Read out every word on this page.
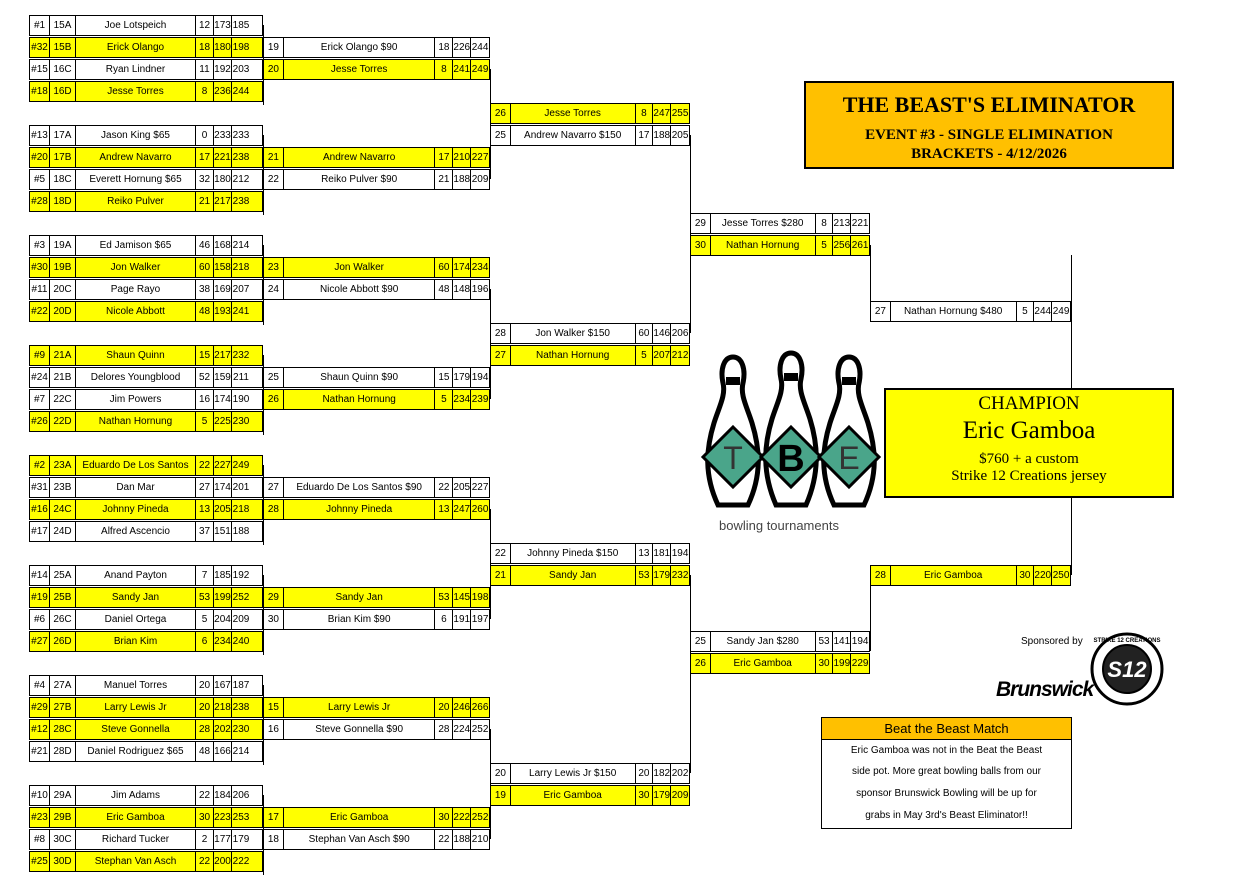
#1 15A	Joe Lotspeich	12 173 185
#32 15B	Erick Olango	18 180 198
#15 16C	Ryan Lindner	11 192 203
#18 16D	Jesse Torres	8 236 244
#13 17A	Jason King $65	0 233 233
#20 17B	Andrew Navarro	17 221 238
#5 18C	Everett Hornung $65	32 180 212
#28 18D	Reiko Pulver	21 217 238
#3 19A	Ed Jamison $65	46 168 214
#30 19B	Jon Walker	60 158 218
#11 20C	Page Rayo	38 169 207
#22 20D	Nicole Abbott	48 193 241
#9 21A	Shaun Quinn	15 217 232
#24 21B	Delores Youngblood	52 159 211
#7 22C	Jim Powers	16 174 190
#26 22D	Nathan Hornung	5 225 230
#2 23A	Eduardo De Los Santos	22 227 249
#31 23B	Dan Mar	27 174 201
#16 24C	Johnny Pineda	13 205 218
#17 24D	Alfred Ascencio	37 151 188
#14 25A	Anand Payton	7 185 192
#19 25B	Sandy Jan	53 199 252
#6 26C	Daniel Ortega	5 204 209
#27 26D	Brian Kim	6 234 240
#4 27A	Manuel Torres	20 167 187
#29 27B	Larry Lewis Jr	20 218 238
#12 28C	Steve Gonnella	28 202 230
#21 28D	Daniel Rodriguez $65	48 166 214
#10 29A	Jim Adams	22 184 206
#23 29B	Eric Gamboa	30 223 253
#8 30C	Richard Tucker	2 177 179
#25 30D	Stephan Van Asch	22 200 222
19	Erick Olango $90	18 226 244
20	Jesse Torres	8 241 249
21	Andrew Navarro	17 210 227
22	Reiko Pulver $90	21 188 209
23	Jon Walker	60 174 234
24	Nicole Abbott $90	48 148 196
25	Shaun Quinn $90	15 179 194
26	Nathan Hornung	5 234 239
27	Eduardo De Los Santos $90	22 205 227
28	Johnny Pineda	13 247 260
29	Sandy Jan	53 145 198
30	Brian Kim $90	6 191 197
15	Larry Lewis Jr	20 246 266
16	Steve Gonnella $90	28 224 252
17	Eric Gamboa	30 222 252
18	Stephan Van Asch $90	22 188 210
26	Jesse Torres	8 247 255
25	Andrew Navarro $150	17 188 205
28	Jon Walker $150	60 146 206
27	Nathan Hornung	5 207 212
22	Johnny Pineda $150	13 181 194
21	Sandy Jan	53 179 232
20	Larry Lewis Jr $150	20 182 202
19	Eric Gamboa	30 179 209
29	Jesse Torres $280	8 213 221
30	Nathan Hornung	5 256 261
25	Sandy Jan $280	53 141 194
26	Eric Gamboa	30 199 229
27	Nathan Hornung $480	5 244 249
28	Eric Gamboa	30 220 250
THE BEAST'S ELIMINATOR
EVENT #3 - SINGLE ELIMINATION
BRACKETS - 4/12/2026
T B E
bowling tournaments
CHAMPION
Eric Gamboa
$760 + a custom
Strike 12 Creations jersey
Sponsored by
Brunswick
S12
STRIKE 12 CREATIONS
Beat the Beast Match
Eric Gamboa was not in the Beat the Beast
side pot. More great bowling balls from our
sponsor Brunswick Bowling will be up for
grabs in May 3rd's Beast Eliminator!!
